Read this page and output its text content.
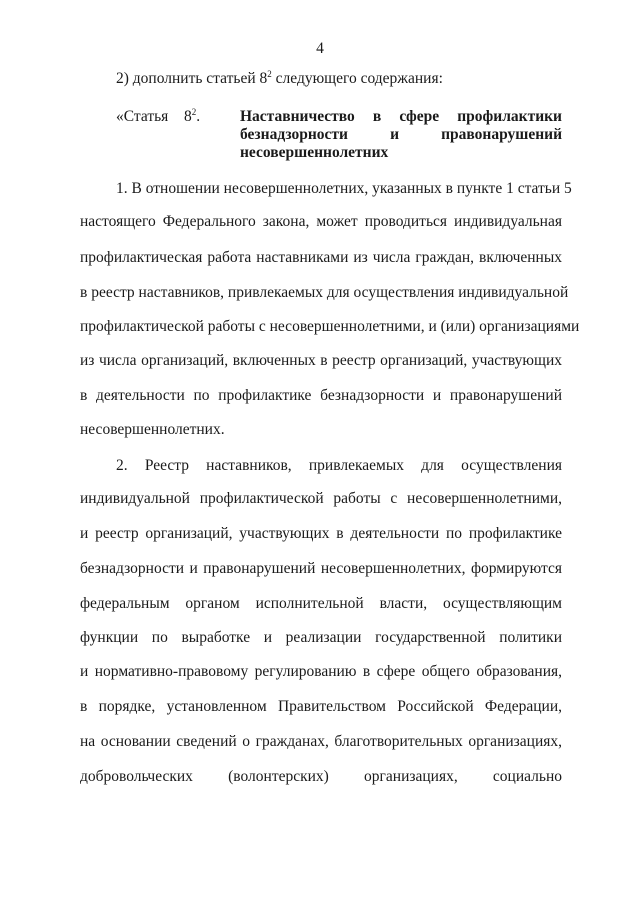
4
2) дополнить статьей $8^2$ следующего содержания:
«Статья $8^2$.	Наставничество в сфере профилактики
безнадзорности и правонарушений
несовершеннолетних
1. В отношении несовершеннолетних, указанных в пункте 1 статьи 5
настоящего Федерального закона, может проводиться индивидуальная
профилактическая работа наставниками из числа граждан, включенных
в реестр наставников, привлекаемых для осуществления индивидуальной
профилактической работы с несовершеннолетними, и (или) организациями
из числа организаций, включенных в реестр организаций, участвующих
в деятельности по профилактике безнадзорности и правонарушений
несовершеннолетних.
2. Реестр наставников, привлекаемых для осуществления
индивидуальной профилактической работы с несовершеннолетними,
и реестр организаций, участвующих в деятельности по профилактике
безнадзорности и правонарушений несовершеннолетних, формируются
федеральным органом исполнительной власти, осуществляющим
функции по выработке и реализации государственной политики
и нормативно-правовому регулированию в сфере общего образования,
в порядке, установленном Правительством Российской Федерации,
на основании сведений о гражданах, благотворительных организациях,
добровольческих (волонтерских) организациях, социально
